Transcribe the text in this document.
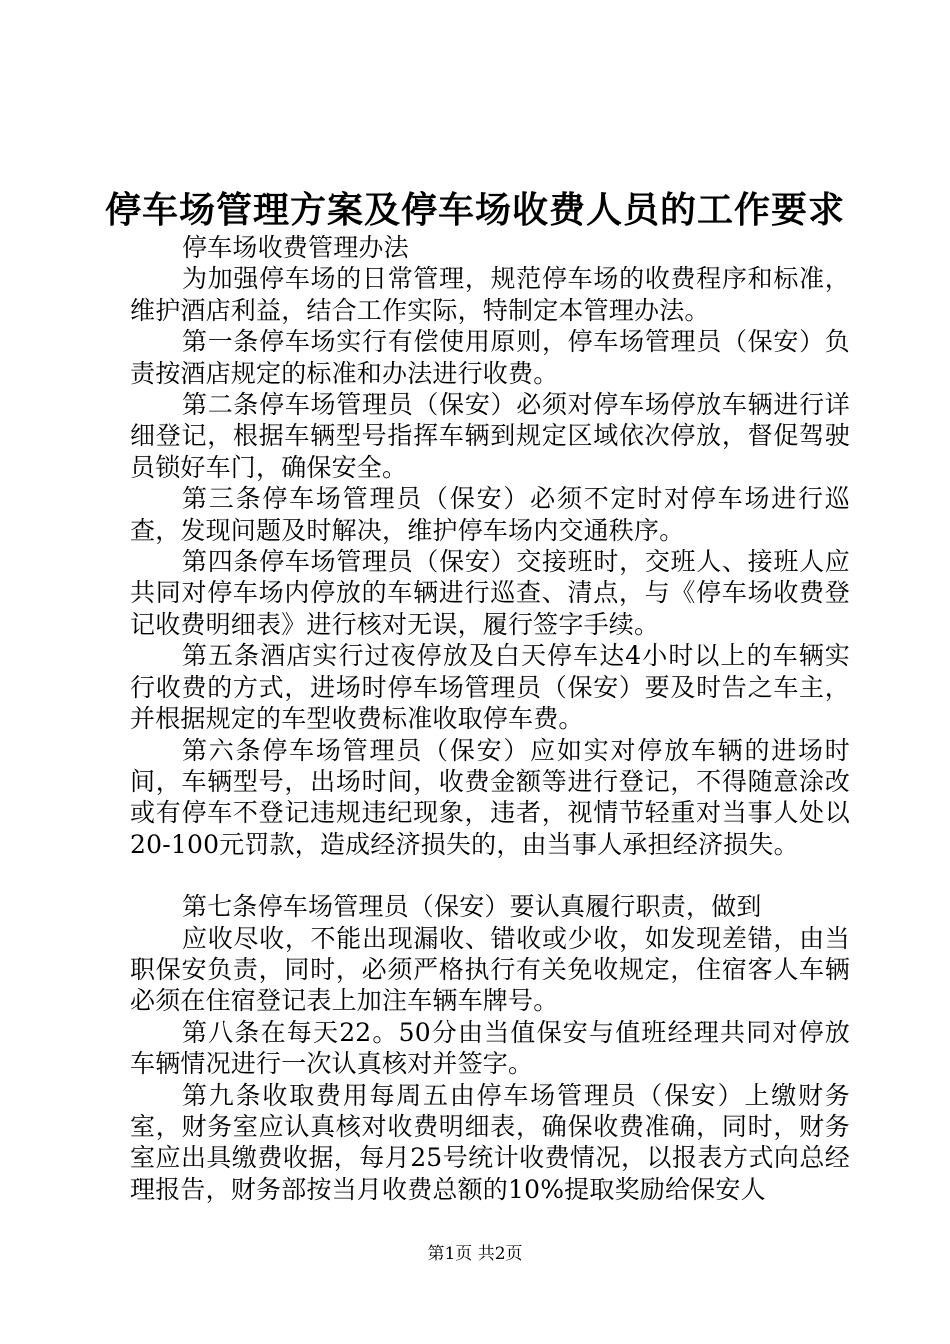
停车场管理方案及停车场收费人员的工作要求

停车场收费管理办法

为加强停车场的日常管理，规范停车场的收费程序和标准，维护酒店利益，结合工作实际，特制定本管理办法。

第一条停车场实行有偿使用原则，停车场管理员（保安）负责按酒店规定的标准和办法进行收费。

第二条停车场管理员（保安）必须对停车场停放车辆进行详细登记，根据车辆型号指挥车辆到规定区域依次停放，督促驾驶员锁好车门，确保安全。

第三条停车场管理员（保安）必须不定时对停车场进行巡查，发现问题及时解决，维护停车场内交通秩序。

第四条停车场管理员（保安）交接班时，交班人、接班人应共同对停车场内停放的车辆进行巡查、清点，与《停车场收费登记收费明细表》进行核对无误，履行签字手续。

第五条酒店实行过夜停放及白天停车达4小时以上的车辆实行收费的方式，进场时停车场管理员（保安）要及时告之车主，并根据规定的车型收费标准收取停车费。

第六条停车场管理员（保安）应如实对停放车辆的进场时间，车辆型号，出场时间，收费金额等进行登记，不得随意涂改或有停车不登记违规违纪现象，违者，视情节轻重对当事人处以20-100元罚款，造成经济损失的，由当事人承担经济损失。

第七条停车场管理员（保安）要认真履行职责，做到

应收尽收，不能出现漏收、错收或少收，如发现差错，由当职保安负责，同时，必须严格执行有关免收规定，住宿客人车辆必须在住宿登记表上加注车辆车牌号。

第八条在每天22。50分由当值保安与值班经理共同对停放车辆情况进行一次认真核对并签字。

第九条收取费用每周五由停车场管理员（保安）上缴财务室，财务室应认真核对收费明细表，确保收费准确，同时，财务室应出具缴费收据，每月25号统计收费情况，以报表方式向总经理报告，财务部按当月收费总额的10%提取奖励给保安人

第1页 共2页
